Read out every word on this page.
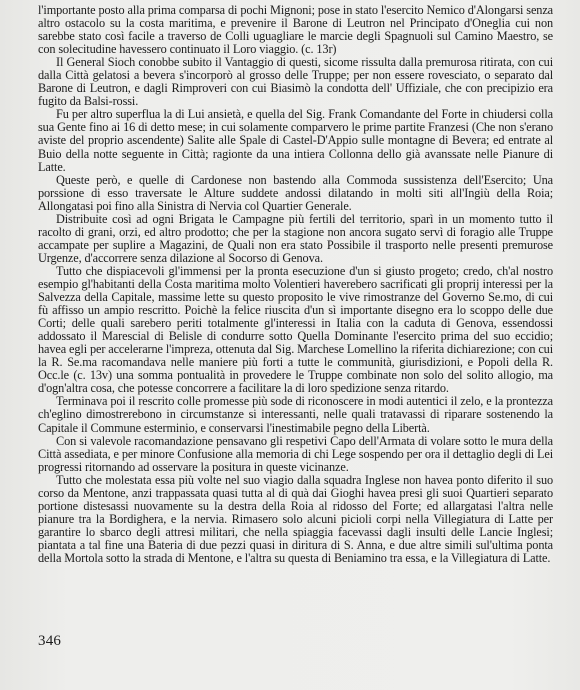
l'importante posto alla prima comparsa di pochi Mignoni; pose in stato l'esercito Nemico d'Alongarsi senza altro ostacolo su la costa maritima, e prevenire il Barone di Leutron nel Principato d'Oneglia cui non sarebbe stato così facile a traverso de Colli uguagliare le marcie degli Spagnuoli sul Camino Maestro, se con solecitudine havessero continuato il Loro viaggio. (c. 13r)

Il General Sioch conobbe subito il Vantaggio di questi, sicome rissulta dalla premurosa ritirata, con cui dalla Città gelatosi a bevera s'incorporò al grosso delle Truppe; per non essere rovesciato, o separato dal Barone di Leutron, e dagli Rimproveri con cui Biasimò la condotta dell' Uffiziale, che con precipizio era fugito da Balsi-rossi.

Fu per altro superflua la di Lui ansietà, e quella del Sig. Frank Comandante del Forte in chiudersi colla sua Gente fino ai 16 di detto mese; in cui solamente comparvero le prime partite Franzesi (Che non s'erano aviste del proprio ascendente) Salite alle Spale di Castel-D'Appio sulle montagne di Bevera; ed entrate al Buio della notte seguente in Città; ragionte da una intiera Collonna dello già avanssate nelle Pianure di Latte.

Queste però, e quelle di Cardonese non bastendo alla Commoda sussistenza dell'Esercito; Una porssione di esso traversate le Alture suddete andossi dilatando in molti siti all'Ingiù della Roia; Allongatasi poi fino alla Sinistra di Nervia col Quartier Generale.

Distribuite così ad ogni Brigata le Campagne più fertili del territorio, sparì in un momento tutto il racolto di grani, orzi, ed altro prodotto; che per la stagione non ancora sugato servì di foragio alle Truppe accampate per suplire a Magazini, de Quali non era stato Possibile il trasporto nelle presenti premurose Urgenze, d'accorrere senza dilazione al Socorso di Genova.

Tutto che dispiacevoli gl'immensi per la pronta esecuzione d'un si giusto progeto; credo, ch'al nostro esempio gl'habitanti della Costa maritima molto Volentieri haverebero sacrificati gli proprij interessi per la Salvezza della Capitale, massime lette su questo proposito le vive rimostranze del Governo Se.mo, di cui fù affisso un ampio rescritto. Poichè la felice riuscita d'un sì importante disegno era lo scoppo delle due Corti; delle quali sarebero periti totalmente gl'interessi in Italia con la caduta di Genova, essendossi addossato il Marescial di Belisle di condurre sotto Quella Dominante l'esercito prima del suo eccidio; havea egli per accelerarne l'impreza, ottenuta dal Sig. Marchese Lomellino la riferita dichiarezione; con cui la R. Se.ma racomandava nelle maniere più forti a tutte le communità, giurisdizioni, e Popoli della R. Occ.le (c. 13v) una somma pontualità in provedere le Truppe combinate non solo del solito allogio, ma d'ogn'altra cosa, che potesse concorrere a facilitare la di loro spedizione senza ritardo.

Terminava poi il rescrito colle promesse più sode di riconoscere in modi autentici il zelo, e la prontezza ch'eglino dimostrerebono in circumstanze si interessanti, nelle quali tratavassi di riparare sostenendo la Capitale il Commune esterminio, e conservarsi l'inestimabile pegno della Libertà.

Con si valevole racomandazione pensavano gli respetivi Capo dell'Armata di volare sotto le mura della Città assediata, e per minore Confusione alla memoria di chi Lege sospendo per ora il dettaglio degli di Lei progressi ritornando ad osservare la positura in queste vicinanze.

Tutto che molestata essa più volte nel suo viagio dalla squadra Inglese non havea ponto diferito il suo corso da Mentone, anzi trappassata quasi tutta al di quà dai Gioghi havea presi gli suoi Quartieri separato portione distesassi nuovamente su la destra della Roia al ridosso del Forte; ed allargatasi l'altra nelle pianure tra la Bordighera, e la nervia. Rimasero solo alcuni picioli corpi nella Villegiatura di Latte per garantire lo sbarco degli attresi militari, che nella spiaggia facevassi dagli insulti delle Lancie Inglesi; piantata a tal fine una Bateria di due pezzi quasi in diritura di S. Anna, e due altre simili sul'ultima ponta della Mortola sotto la strada di Mentone, e l'altra su questa di Beniamino tra essa, e la Villegiatura di Latte.

346
